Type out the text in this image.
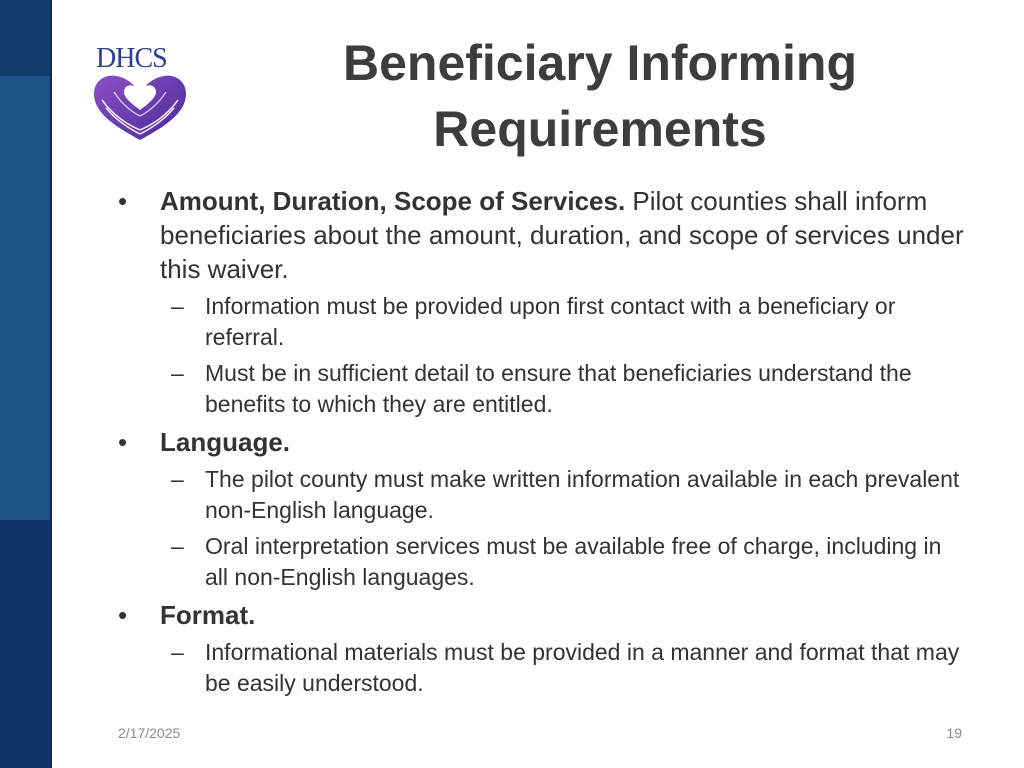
DHCS	Beneficiary Informing
Requirements
•	Amount, Duration, Scope of Services. Pilot counties shall inform beneficiaries about the amount, duration, and scope of services under this waiver.
– Information must be provided upon first contact with a beneficiary or referral.
– Must be in sufficient detail to ensure that beneficiaries understand the benefits to which they are entitled.
•	Language.
– The pilot county must make written information available in each prevalent non-English language.
– Oral interpretation services must be available free of charge, including in all non-English languages.
•	Format.
– Informational materials must be provided in a manner and format that may be easily understood.
2/17/2025	19
